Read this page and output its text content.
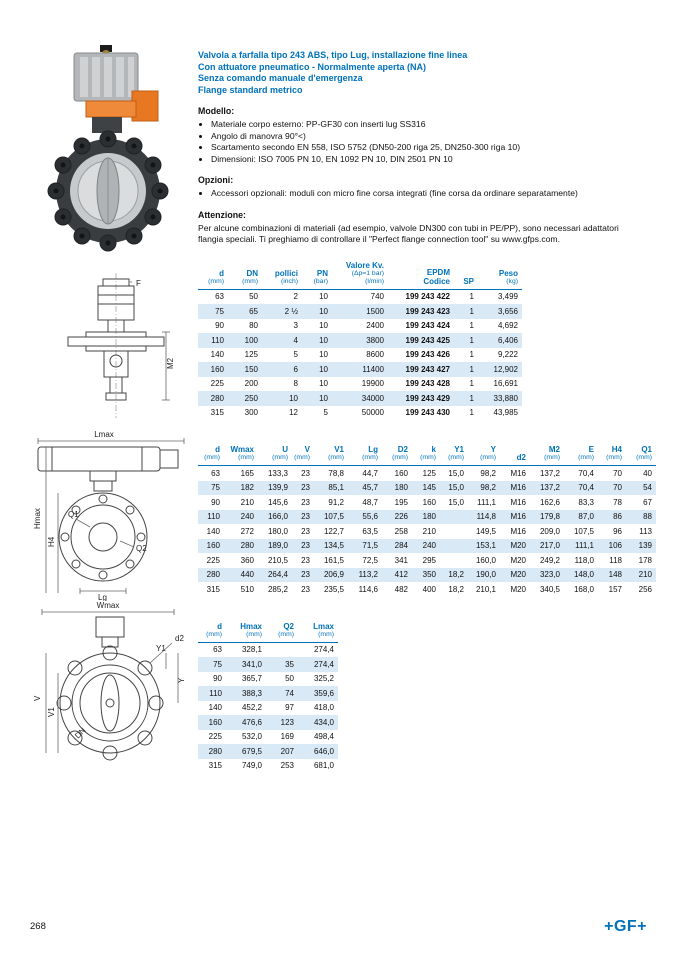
F
M2
Lmax
Hmax
H4
Q1
Q2
Lg
Wmax
d2
Y
Y1
V
V1
DN
Valvola a farfalla tipo 243 ABS, tipo Lug, installazione fine linea
Con attuatore pneumatico - Normalmente aperta (NA)
Senza comando manuale d'emergenza
Flange standard metrico
Modello:
• Materiale corpo esterno: PP-GF30 con inserti lug SS316
• Angolo di manovra 90°<)
• Scartamento secondo EN 558, ISO 5752 (DN50-200 riga 25, DN250-300 riga 10)
• Dimensioni: ISO 7005 PN 10, EN 1092 PN 10, DIN 2501 PN 10
Opzioni:
• Accessori opzionali: moduli con micro fine corsa integrati (fine corsa da ordinare separatamente)
Attenzione:
Per alcune combinazioni di materiali (ad esempio, valvole DN300 con tubi in PE/PP), sono necessari adattatori flangia speciali. Ti preghiamo di controllare il "Perfect flange connection tool" su www.gfps.com.
d
(mm)

DN
(mm)

pollici
(inch)

PN
(bar)

Valore Kv.
(Δp=1 bar)
(l/min)

EPDM
Codice	SP

Peso
(kg)

63	50	2	10	740	199 243 422	1	3,499
75	65	2 ½	10	1500	199 243 423	1	3,656
90	80	3	10	2400	199 243 424	1	4,692
110	100	4	10	3800	199 243 425	1	6,406
140	125	5	10	8600	199 243 426	1	9,222
160	150	6	10	11400	199 243 427	1	12,902
225	200	8	10	19900	199 243 428	1	16,691
280	250	10	10	34000	199 243 429	1	33,880
315	300	12	5	50000	199 243 430	1	43,985
d
(mm)

Wmax
(mm)

U
(mm)

V
(mm)

V1
(mm)

Lg
(mm)

D2
(mm)

k
(mm)

Y1
(mm)

Y
(mm)	d2

M2
(mm)

E
(mm)

H4
(mm)

Q1
(mm)

63	165	133,3	23	78,8	44,7	160	125	15,0	98,2	M16	137,2	70,4	70	40
75	182	139,9	23	85,1	45,7	180	145	15,0	98,2	M16	137,2	70,4	70	54
90	210	145,6	23	91,2	48,7	195	160	15,0	111,1	M16	162,6	83,3	78	67
110	240	166,0	23	107,5	55,6	226	180		114,8	M16	179,8	87,0	86	88
140	272	180,0	23	122,7	63,5	258	210		149,5	M16	209,0	107,5	96	113
160	280	189,0	23	134,5	71,5	284	240		153,1	M20	217,0	111,1	106	139
225	360	210,5	23	161,5	72,5	341	295		160,0	M20	249,2	118,0	118	178
280	440	264,4	23	206,9	113,2	412	350	18,2	190,0	M20	323,0	148,0	148	210
315	510	285,2	23	235,5	114,6	482	400	18,2	210,1	M20	340,5	168,0	157	256
d
(mm)

Hmax
(mm)

Q2
(mm)

Lmax
(mm)

63	328,1		274,4
75	341,0	35	274,4
90	365,7	50	325,2
110	388,3	74	359,6
140	452,2	97	418,0
160	476,6	123	434,0
225	532,0	169	498,4
280	679,5	207	646,0
315	749,0	253	681,0
268	+GF+
